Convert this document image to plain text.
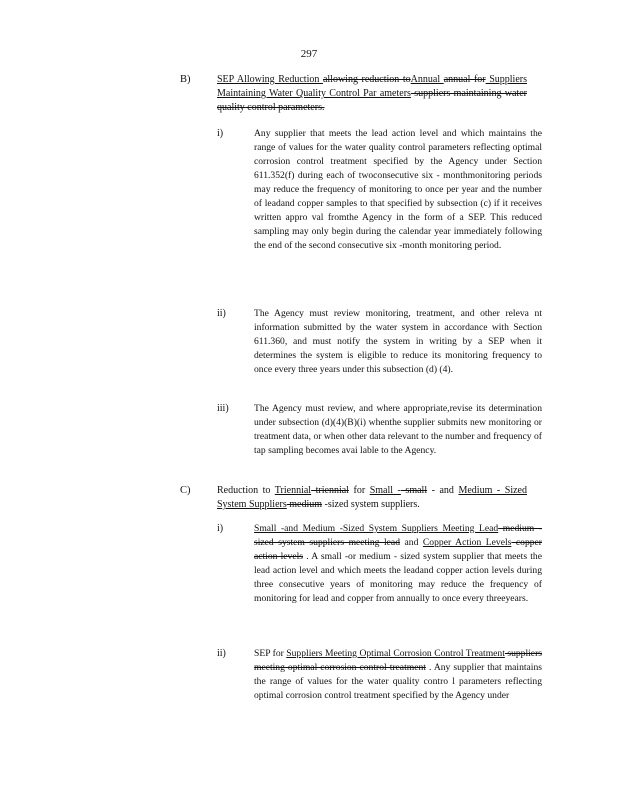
297
B)	SEP Allowing Reduction allowing reduction toAnnual annual for Suppliers Maintaining Water Quality Control Par ameters suppliers maintaining water quality control parameters.
i)	Any supplier that meets the lead action level and which maintains the range of values for the water quality control parameters reflecting optimal corrosion control treatment specified by the Agency under Section 611.352(f) during each of twoconsecutive six - monthmonitoring periods may reduce the frequency of monitoring to once per year and the number of leadand copper samples to that specified by subsection (c) if it receives written appro val fromthe Agency in the form of a SEP. This reduced sampling may only begin during the calendar year immediately following the end of the second consecutive six -month monitoring period.
ii)	The Agency must review monitoring, treatment, and other releva nt information submitted by the water system in accordance with Section 611.360, and must notify the system in writing by a SEP when it determines the system is eligible to reduce its monitoring frequency to once every three years under this subsection (d) (4).
iii)	The Agency must review, and where appropriate,revise its determination under subsection (d)(4)(B)(i) whenthe supplier submits new monitoring or treatment data, or when other data relevant to the number and frequency of tap sampling becomes avai lable to the Agency.
C)	Reduction to Triennial triennial for Small - small - and Medium - Sized System Suppliers medium -sized system suppliers.
i)	Small -and Medium -Sized System Suppliers Meeting Lead medium -sized system suppliers meeting lead and Copper Action Levels copper action levels . A small -or medium - sized system supplier that meets the lead action level and which meets the leadand copper action levels during three consecutive years of monitoring may reduce the frequency of monitoring for lead and copper from annually to once every threeyears.
ii)	SEP for Suppliers Meeting Optimal Corrosion Control Treatment suppliers meeting optimal corrosion control treatment . Any supplier that maintains the range of values for the water quality contro l parameters reflecting optimal corrosion control treatment specified by the Agency under
